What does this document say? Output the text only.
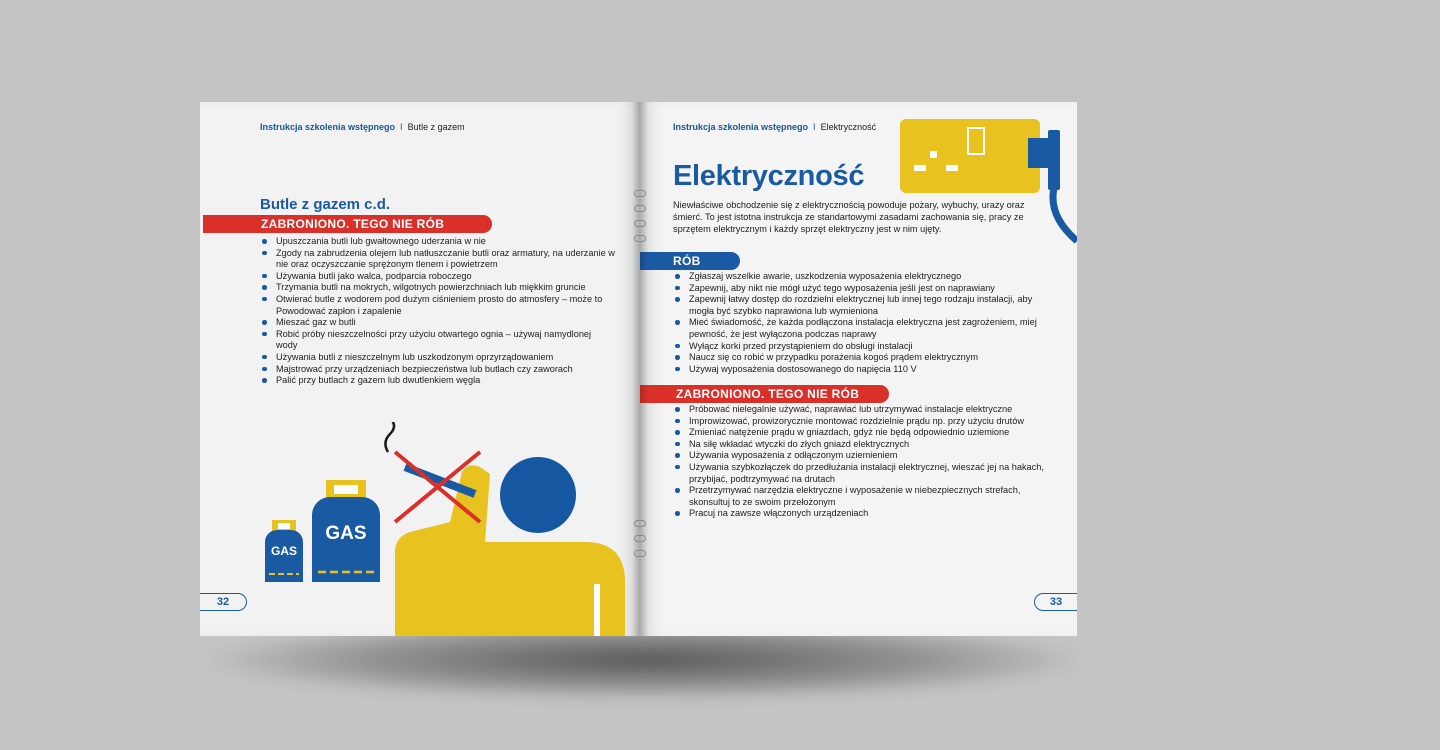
Instrukcja szkolenia wstępnego I Butle z gazem
Butle z gazem c.d.
ZABRONIONO. TEGO NIE RÓB
Upuszczania butli lub gwałtownego uderzania w nie
Zgody na zabrudzenia olejem lub natłuszczanie butli oraz armatury, na uderzanie w nie oraz oczyszczanie sprężonym tlenem i powietrzem
Używania butli jako walca, podparcia roboczego
Trzymania butli na mokrych, wilgotnych powierzchniach lub miękkim gruncie
Otwierać butle z wodorem pod dużym ciśnieniem prosto do atmosfery – może to Powodować zapłon i zapalenie
Mieszać gaz w butli
Robić próby nieszczelności przy użyciu otwartego ognia – używaj namydlonej wody
Używania butli z nieszczelnym lub uszkodzonym oprzyrządowaniem
Majstrować przy urządzeniach bezpieczeństwa lub butlach czy zaworach
Palić przy butlach z gazem lub dwutlenkiem węgla
GAS
GAS
32
Instrukcja szkolenia wstępnego I Elektryczność
Elektryczność
Niewłaściwe obchodzenie się z elektrycznością powoduje pożary, wybuchy, urazy oraz śmierć. To jest istotna instrukcja ze standartowymi zasadami zachowania się, pracy ze sprzętem elektrycznym i każdy sprzęt elektryczny jest w nim ujęty.
RÓB
Zgłaszaj wszelkie awarie, uszkodzenia wyposażenia elektrycznego
Zapewnij, aby nikt nie mógł użyć tego wyposażenia jeśli jest on naprawiany
Zapewnij łatwy dostęp do rozdzielni elektrycznej lub innej tego rodzaju instalacji, aby mogła być szybko naprawiona lub wymieniona
Mieć świadomość, że każda podłączona instalacja elektryczna jest zagrożeniem, miej pewność, że jest wyłączona podczas naprawy
Wyłącz korki przed przystąpieniem do obsługi instalacji
Naucz się co robić w przypadku porażenia kogoś prądem elektrycznym
Używaj wyposażenia dostosowanego do napięcia 110 V
ZABRONIONO. TEGO NIE RÓB
Próbować nielegalnie używać, naprawiać lub utrzymywać instalacje elektryczne
Improwizować, prowizorycznie montować rozdzielnie prądu np. przy użyciu drutów
Zmieniać natężenie prądu w gniazdach, gdyż nie będą odpowiednio uziemione
Na siłę wkładać wtyczki do złych gniazd elektrycznych
Używania wyposażenia z odłączonym uziemieniem
Używania szybkozłączek do przedłużania instalacji elektrycznej, wieszać jej na hakach, przybijać, podtrzymywać na drutach
Przetrzymywać narzędzia elektryczne i wyposażenie w niebezpiecznych strefach, skonsultuj to ze swoim przełożonym
Pracuj na zawsze włączonych urządzeniach
33
